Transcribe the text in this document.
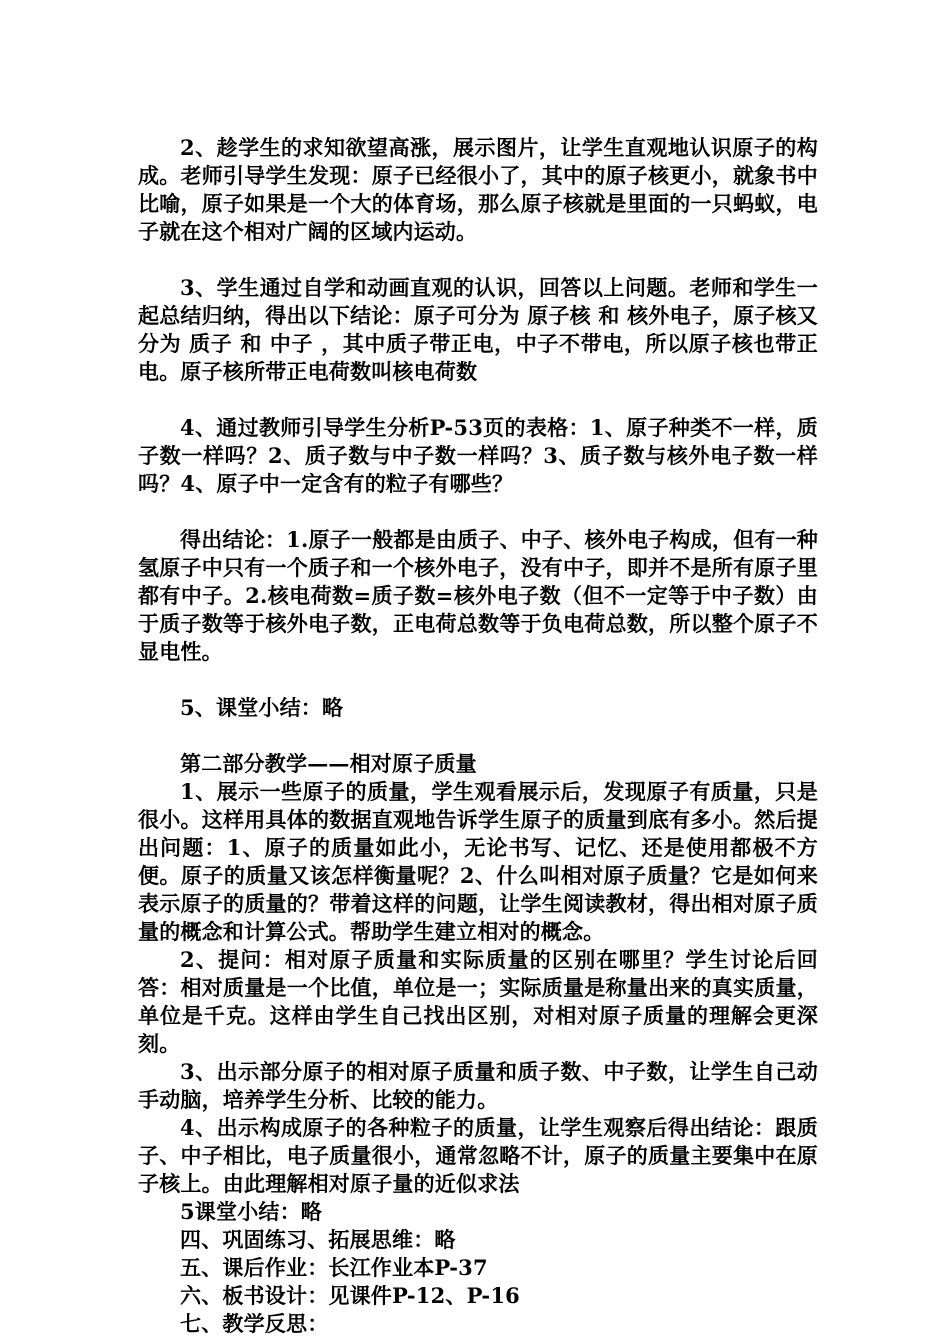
2、趁学生的求知欲望高涨，展示图片，让学生直观地认识原子的构成。老师引导学生发现：原子已经很小了，其中的原子核更小，就象书中比喻，原子如果是一个大的体育场，那么原子核就是里面的一只蚂蚁，电子就在这个相对广阔的区域内运动。

3、学生通过自学和动画直观的认识，回答以上问题。老师和学生一起总结归纳，得出以下结论：原子可分为 原子核 和 核外电子，原子核又分为 质子 和 中子 ，其中质子带正电，中子不带电，所以原子核也带正电。原子核所带正电荷数叫核电荷数

4、通过教师引导学生分析P-53页的表格：1、原子种类不一样，质子数一样吗？2、质子数与中子数一样吗？3、质子数与核外电子数一样吗？4、原子中一定含有的粒子有哪些？

得出结论：1.原子一般都是由质子、中子、核外电子构成，但有一种氢原子中只有一个质子和一个核外电子，没有中子，即并不是所有原子里都有中子。2.核电荷数=质子数=核外电子数（但不一定等于中子数）由于质子数等于核外电子数，正电荷总数等于负电荷总数，所以整个原子不显电性。

5、课堂小结：略

第二部分教学——相对原子质量

1、展示一些原子的质量，学生观看展示后，发现原子有质量，只是很小。这样用具体的数据直观地告诉学生原子的质量到底有多小。然后提出问题：1、原子的质量如此小，无论书写、记忆、还是使用都极不方便。原子的质量又该怎样衡量呢？2、什么叫相对原子质量？它是如何来表示原子的质量的？带着这样的问题，让学生阅读教材，得出相对原子质量的概念和计算公式。帮助学生建立相对的概念。

2、提问：相对原子质量和实际质量的区别在哪里？学生讨论后回答：相对质量是一个比值，单位是一；实际质量是称量出来的真实质量，单位是千克。这样由学生自己找出区别，对相对原子质量的理解会更深刻。

3、出示部分原子的相对原子质量和质子数、中子数，让学生自己动手动脑，培养学生分析、比较的能力。

4、出示构成原子的各种粒子的质量，让学生观察后得出结论：跟质子、中子相比，电子质量很小，通常忽略不计，原子的质量主要集中在原子核上。由此理解相对原子量的近似求法

5课堂小结：略

四、巩固练习、拓展思维：略

五、课后作业：长江作业本P-37

六、板书设计：见课件P-12、P-16

七、教学反思：
